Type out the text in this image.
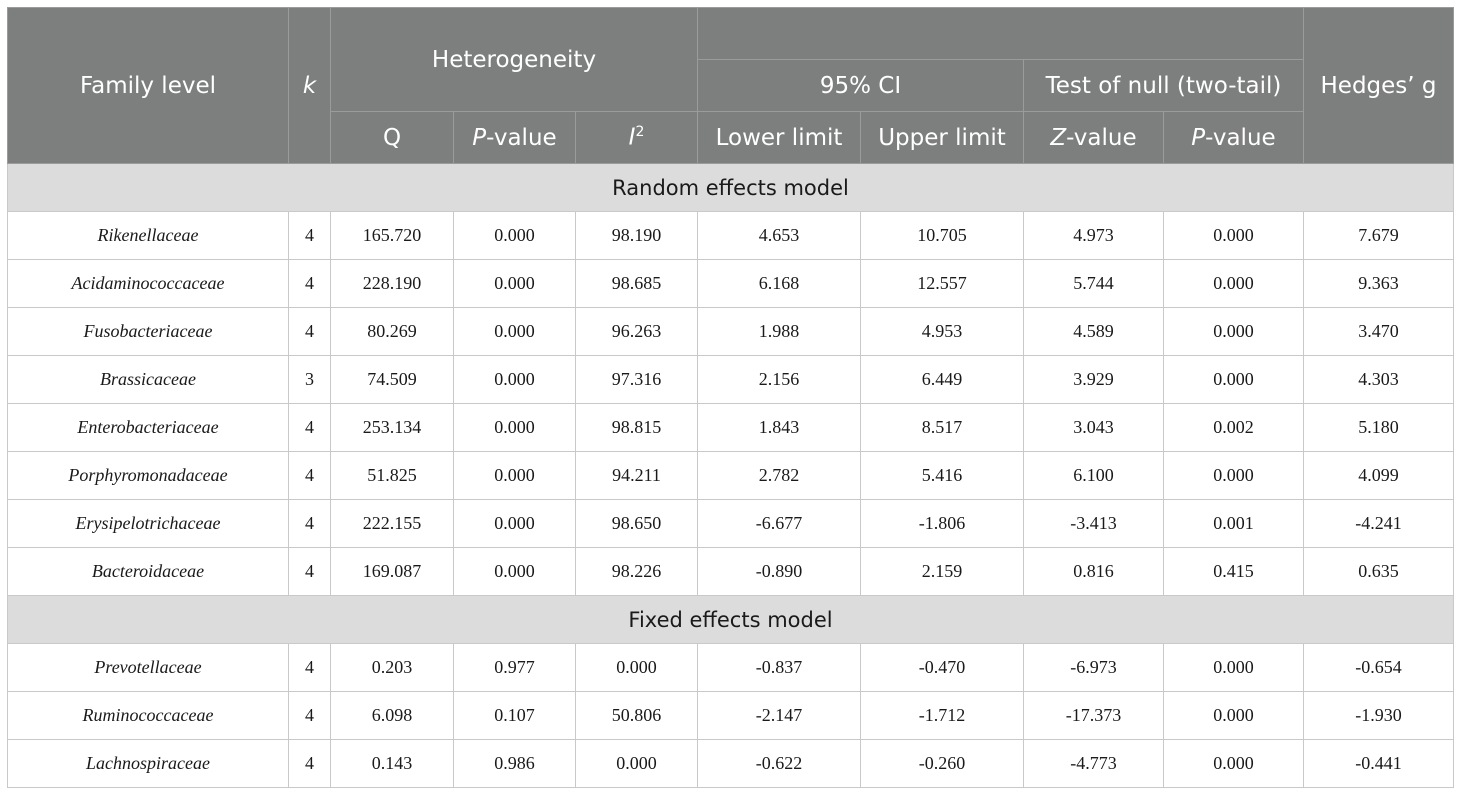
Family level	k	Heterogeneity							Hedges’ g
					95% CI		Test of null (two-tail)		
		Q	P-value	$I^2$	Lower limit	Upper limit	Z-value	P-value	
Random effects model									
Rikenellaceae	4	165.720	0.000	98.190	4.653	10.705	4.973	0.000	7.679
Acidaminococcaceae	4	228.190	0.000	98.685	6.168	12.557	5.744	0.000	9.363
Fusobacteriaceae	4	80.269	0.000	96.263	1.988	4.953	4.589	0.000	3.470
Brassicaceae	3	74.509	0.000	97.316	2.156	6.449	3.929	0.000	4.303
Enterobacteriaceae	4	253.134	0.000	98.815	1.843	8.517	3.043	0.002	5.180
Porphyromonadaceae	4	51.825	0.000	94.211	2.782	5.416	6.100	0.000	4.099
Erysipelotrichaceae	4	222.155	0.000	98.650	-6.677	-1.806	-3.413	0.001	-4.241
Bacteroidaceae	4	169.087	0.000	98.226	-0.890	2.159	0.816	0.415	0.635
Fixed effects model									
Prevotellaceae	4	0.203	0.977	0.000	-0.837	-0.470	-6.973	0.000	-0.654
Ruminococcaceae	4	6.098	0.107	50.806	-2.147	-1.712	-17.373	0.000	-1.930
Lachnospiraceae	4	0.143	0.986	0.000	-0.622	-0.260	-4.773	0.000	-0.441
